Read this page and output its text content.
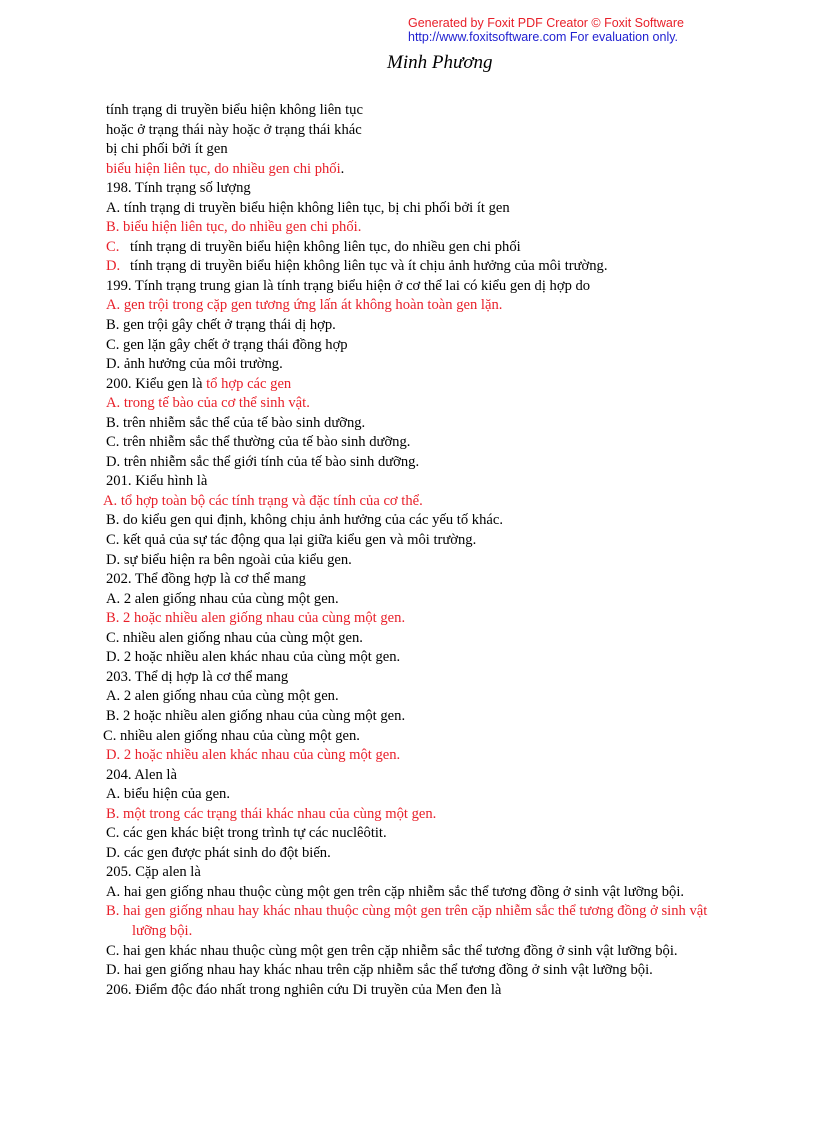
Generated by Foxit PDF Creator © Foxit Software
http://www.foxitsoftware.com For evaluation only.
Minh Phương
tính trạng di truyền biểu hiện không liên tục
hoặc ở trạng thái này hoặc ở trạng thái khác
bị chi phối bởi ít gen
biểu hiện liên tục, do nhiều gen chi phối.
198. Tính trạng số lượng
A. tính trạng di truyền biểu hiện không liên tục, bị chi phối bởi ít gen
B. biểu hiện liên tục, do nhiều gen chi phối.
C. tính trạng di truyền biểu hiện không liên tục, do nhiều gen chi phối
D. tính trạng di truyền biểu hiện không liên tục và ít chịu ảnh hưởng của môi trường.
199. Tính trạng trung gian là tính trạng biểu hiện ở cơ thể lai có kiểu gen dị hợp do
A. gen trội trong cặp gen tương ứng lấn át không hoàn toàn gen lặn.
B. gen trội gây chết ở trạng thái dị hợp.
C. gen lặn gây chết ở trạng thái đồng hợp
D. ảnh hưởng của môi trường.
200. Kiểu gen là tổ hợp các gen
A. trong tế bào của cơ thể sinh vật.
B. trên nhiễm sắc thể của tế bào sinh dưỡng.
C. trên nhiễm sắc thể thường của tế bào sinh dưỡng.
D. trên nhiễm sắc thể giới tính của tế bào sinh dưỡng.
201. Kiểu hình là
A. tổ hợp toàn bộ các tính trạng và đặc tính của cơ thể.
B. do kiểu gen qui định, không chịu ảnh hưởng của các yếu tố khác.
C. kết quả của sự tác động qua lại giữa kiểu gen và môi trường.
D. sự biểu hiện ra bên ngoài của kiểu gen.
202. Thể đồng hợp là cơ thể mang
A. 2 alen giống nhau của cùng một gen.
B. 2 hoặc nhiều alen giống nhau của cùng một gen.
C. nhiều alen giống nhau của cùng một gen.
D. 2 hoặc nhiều alen khác nhau của cùng một gen.
203. Thể dị hợp là cơ thể mang
A. 2 alen giống nhau của cùng một gen.
B. 2 hoặc nhiều alen giống nhau của cùng một gen.
C. nhiều alen giống nhau của cùng một gen.
D. 2 hoặc nhiều alen khác nhau của cùng một gen.
204. Alen là
A. biểu hiện của gen.
B. một trong các trạng thái khác nhau của cùng một gen.
C. các gen khác biệt trong trình tự các nuclêôtit.
D. các gen được phát sinh do đột biến.
205. Cặp alen là
A. hai gen giống nhau thuộc cùng một gen trên cặp nhiễm sắc thể tương đồng ở sinh vật lưỡng bội.
B. hai gen giống nhau hay khác nhau thuộc cùng một gen trên cặp nhiễm sắc thể tương đồng ở sinh vật
lưỡng bội.
C. hai gen khác nhau thuộc cùng một gen trên cặp nhiễm sắc thể tương đồng ở sinh vật lưỡng bội.
D. hai gen giống nhau hay khác nhau trên cặp nhiễm sắc thể tương đồng ở sinh vật lưỡng bội.
206. Điểm độc đáo nhất trong nghiên cứu Di truyền của Men đen là
